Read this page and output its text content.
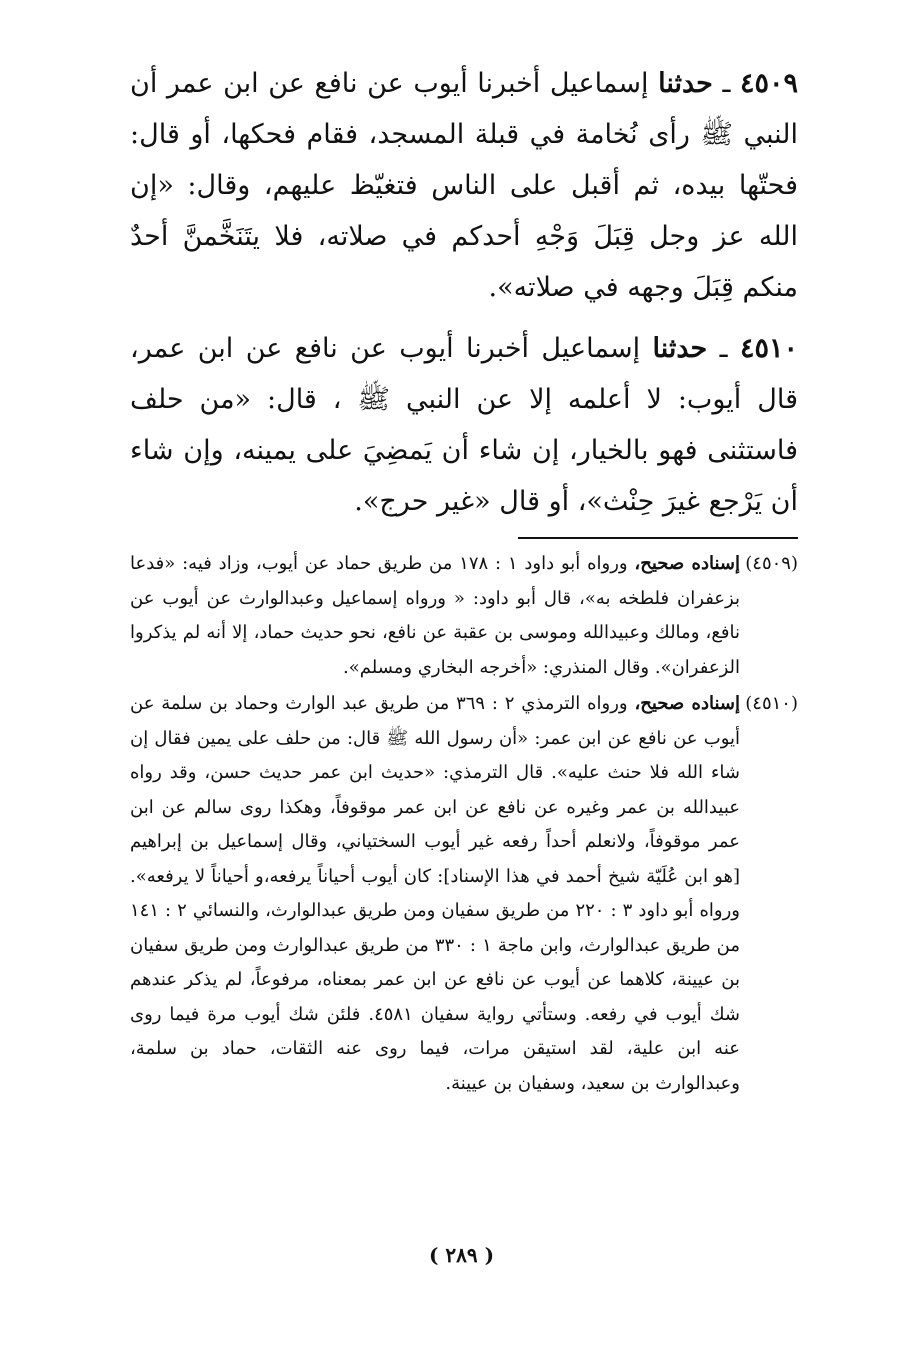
٤٥٠٩ ـ حدثنا إسماعيل أخبرنا أيوب عن نافع عن ابن عمر أن النبي ﷺ رأى نُخامة في قبلة المسجد، فقام فحكها، أو قال: فحتّها بيده، ثم أقبل على الناس فتغيّظ عليهم، وقال: «إن الله عز وجل قِبَلَ وَجْهِ أحدكم في صلاته، فلا يتَنَخَّمنَّ أحدٌ منكم قِبَلَ وجهه في صلاته».

٤٥١٠ ـ حدثنا إسماعيل أخبرنا أيوب عن نافع عن ابن عمر، قال أيوب: لا أعلمه إلا عن النبي ﷺ ، قال: «من حلف فاستثنى فهو بالخيار، إن شاء أن يَمضِيَ على يمينه، وإن شاء أن يَرْجع غيرَ حِنْث»، أو قال «غير حرج».

(٤٥٠٩)
إسناده صحيح، ورواه أبو داود ١ : ١٧٨ من طريق حماد عن أيوب، وزاد فيه: «فدعا بزعفران فلطخه به»، قال أبو داود: « ورواه إسماعيل وعبدالوارث عن أيوب عن نافع، ومالك وعبيدالله وموسى بن عقبة عن نافع، نحو حديث حماد، إلا أنه لم يذكروا الزعفران». وقال المنذري: «أخرجه البخاري ومسلم».

(٤٥١٠)
إسناده صحيح، ورواه الترمذي ٢ : ٣٦٩ من طريق عبد الوارث وحماد بن سلمة عن أيوب عن نافع عن ابن عمر: «أن رسول الله ﷺ قال: من حلف على يمين فقال إن شاء الله فلا حنث عليه». قال الترمذي: «حديث ابن عمر حديث حسن، وقد رواه عبيدالله بن عمر وغيره عن نافع عن ابن عمر موقوفاً، وهكذا روى سالم عن ابن عمر موقوفاً، ولانعلم أحداً رفعه غير أيوب السختياني، وقال إسماعيل بن إبراهيم [هو ابن عُلَيّة شيخ أحمد في هذا الإسناد]: كان أيوب أحياناً يرفعه،و أحياناً لا يرفعه». ورواه أبو داود ٣ : ٢٢٠ من طريق سفيان ومن طريق عبدالوارث، والنسائي ٢ : ١٤١ من طريق عبدالوارث، وابن ماجة ١ : ٣٣٠ من طريق عبدالوارث ومن طريق سفيان بن عيينة، كلاهما عن أيوب عن نافع عن ابن عمر بمعناه، مرفوعاً، لم يذكر عندهم شك أيوب في رفعه. وستأتي رواية سفيان ٤٥٨١. فلئن شك أيوب مرة فيما روى عنه ابن علية، لقد استيقن مرات، فيما روى عنه الثقات، حماد بن سلمة، وعبدالوارث بن سعيد، وسفيان بن عيينة.

( ٢٨٩ )
